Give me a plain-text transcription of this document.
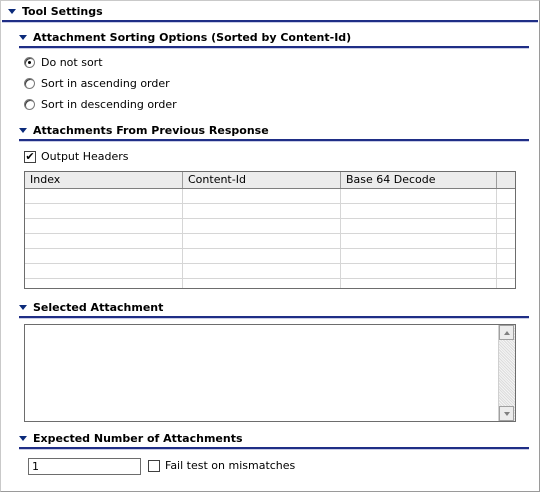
Tool Settings
Attachment Sorting Options (Sorted by Content-Id)
Do not sort
Sort in ascending order
Sort in descending order
Attachments From Previous Response
✔ Output Headers
Index	Content-Id	Base 64 Decode
Selected Attachment
Expected Number of Attachments
1	Fail test on mismatches
